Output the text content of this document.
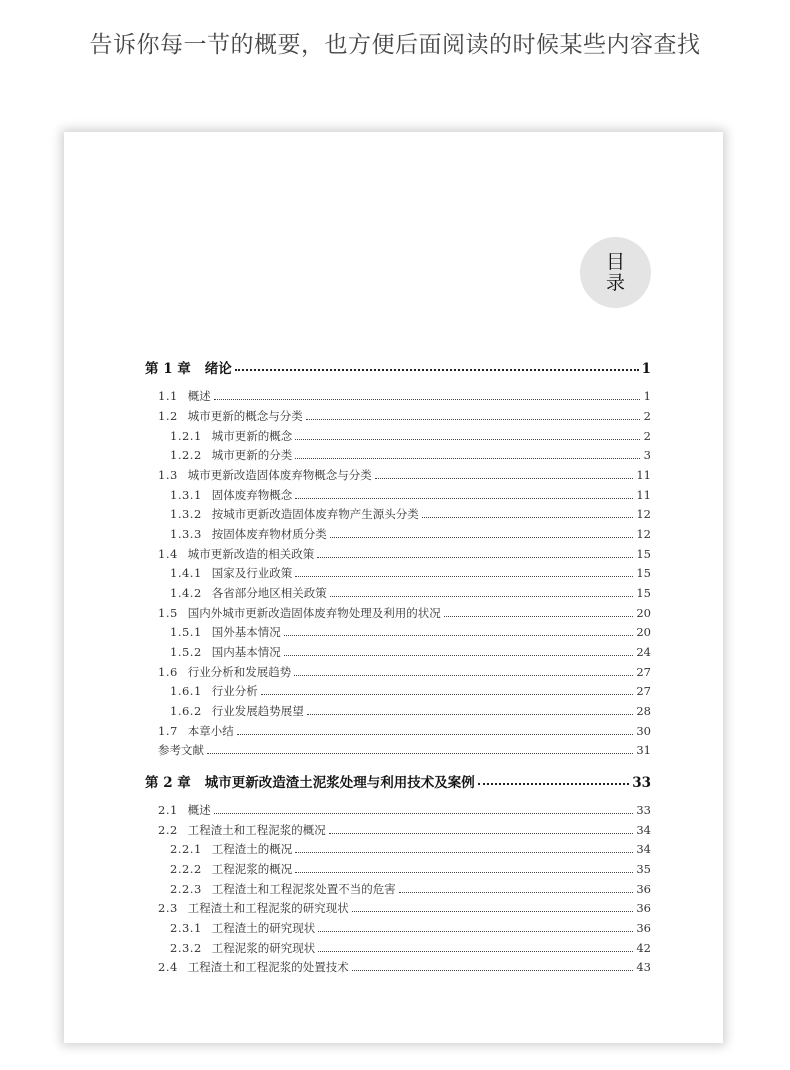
告诉你每一节的概要，也方便后面阅读的时候某些内容查找
目
录
第 1 章 绪论	1
1.1 概述	1
1.2 城市更新的概念与分类	2
1.2.1 城市更新的概念	2
1.2.2 城市更新的分类	3
1.3 城市更新改造固体废弃物概念与分类	11
1.3.1 固体废弃物概念	11
1.3.2 按城市更新改造固体废弃物产生源头分类	12
1.3.3 按固体废弃物材质分类	12
1.4 城市更新改造的相关政策	15
1.4.1 国家及行业政策	15
1.4.2 各省部分地区相关政策	15
1.5 国内外城市更新改造固体废弃物处理及利用的状况	20
1.5.1 国外基本情况	20
1.5.2 国内基本情况	24
1.6 行业分析和发展趋势	27
1.6.1 行业分析	27
1.6.2 行业发展趋势展望	28
1.7 本章小结	30
参考文献	31
第 2 章 城市更新改造渣土泥浆处理与利用技术及案例	33
2.1 概述	33
2.2 工程渣土和工程泥浆的概况	34
2.2.1 工程渣土的概况	34
2.2.2 工程泥浆的概况	35
2.2.3 工程渣土和工程泥浆处置不当的危害	36
2.3 工程渣土和工程泥浆的研究现状	36
2.3.1 工程渣土的研究现状	36
2.3.2 工程泥浆的研究现状	42
2.4 工程渣土和工程泥浆的处置技术	43
